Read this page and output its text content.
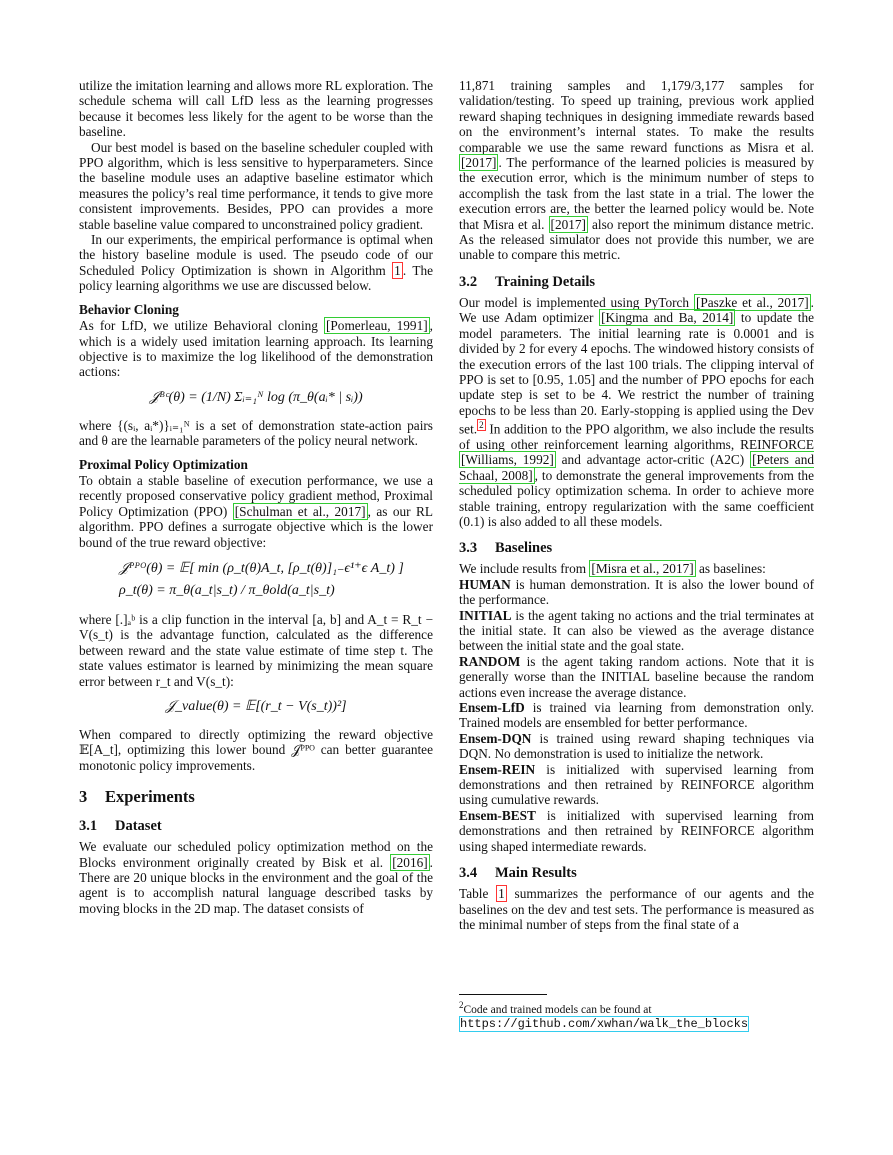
utilize the imitation learning and allows more RL exploration. The schedule schema will call LfD less as the learning progresses because it becomes less likely for the agent to be worse than the baseline.

Our best model is based on the baseline scheduler coupled with PPO algorithm, which is less sensitive to hyperparameters. Since the baseline module uses an adaptive baseline estimator which measures the policy’s real time performance, it tends to give more consistent improvements. Besides, PPO can provides a more stable baseline value compared to unconstrained policy gradient.

In our experiments, the empirical performance is optimal when the history baseline module is used. The pseudo code of our Scheduled Policy Optimization is shown in Algorithm 1 . The policy learning algorithms we use are discussed below.

Behavior Cloning

As for LfD, we utilize Behavioral cloning [Pomerleau, 1991] , which is a widely used imitation learning approach. Its learning objective is to maximize the log likelihood of the demonstration actions:

𝒥ᴮᶜ(θ) = (1/N) Σᵢ₌₁ᴺ log (π_θ(aᵢ* | sᵢ))

where {(sᵢ, aᵢ*)}ᵢ₌₁ᴺ is a set of demonstration state-action pairs and θ are the learnable parameters of the policy neural network.

Proximal Policy Optimization

To obtain a stable baseline of execution performance, we use a recently proposed conservative policy gradient method, Proximal Policy Optimization (PPO) [Schulman et al., 2017] , as our RL algorithm. PPO defines a surrogate objective which is the lower bound of the true reward objective:

𝒥ᴾᴾᴼ(θ) = 𝔼[ min (ρ_t(θ)A_t, [ρ_t(θ)]₁₋ϵ¹⁺ϵ A_t) ]
ρ_t(θ) = π_θ(a_t|s_t) / π_θold(a_t|s_t)

where [.]ₐᵇ is a clip function in the interval [a, b] and A_t = R_t − V(s_t) is the advantage function, calculated as the difference between reward and the state value estimate of time step t. The state values estimator is learned by minimizing the mean square error between r_t and V(s_t):

𝒥_value(θ) = 𝔼[(r_t − V(s_t))²]

When compared to directly optimizing the reward objective 𝔼[A_t], optimizing this lower bound 𝒥ᴾᴾᴼ can better guarantee monotonic policy improvements.

3 Experiments
3.1 Dataset

We evaluate our scheduled policy optimization method on the Blocks environment originally created by Bisk et al. [2016] . There are 20 unique blocks in the environment and the goal of the agent is to accomplish natural language described tasks by moving blocks in the 2D map. The dataset consists of

11,871 training samples and 1,179/3,177 samples for validation/testing. To speed up training, previous work applied reward shaping techniques in designing immediate rewards based on the environment’s internal states. To make the results comparable we use the same reward functions as Misra et al. [2017] . The performance of the learned policies is measured by the execution error, which is the minimum number of steps to accomplish the task from the last state in a trial. The lower the execution errors are, the better the learned policy would be. Note that Misra et al. [2017] also report the minimum distance metric. As the released simulator does not provide this number, we are unable to compare this metric.

3.2 Training Details

Our model is implemented using PyTorch [Paszke et al., 2017] . We use Adam optimizer [Kingma and Ba, 2014] to update the model parameters. The initial learning rate is 0.0001 and is divided by 2 for every 4 epochs. The windowed history consists of the execution errors of the last 100 trials. The clipping interval of PPO is set to [0.95, 1.05] and the number of PPO epochs for each update step is set to be 4. We restrict the number of training epochs to be less than 20. Early-stopping is applied using the Dev set. $^2$ In addition to the PPO algorithm, we also include the results of using other reinforcement learning algorithms, REINFORCE [Williams, 1992] and advantage actor-critic (A2C) [Peters and Schaal, 2008] , to demonstrate the general improvements from the scheduled policy optimization schema. In order to achieve more stable training, entropy regularization with the same coefficient (0.1) is also added to all these models.

3.3 Baselines

We include results from [Misra et al., 2017] as baselines:

HUMAN is human demonstration. It is also the lower bound of the performance.

INITIAL is the agent taking no actions and the trial terminates at the initial state. It can also be viewed as the average distance between the initial state and the goal state.

RANDOM is the agent taking random actions. Note that it is generally worse than the INITIAL baseline because the random actions even increase the average distance.

Ensem-LfD is trained via learning from demonstration only. Trained models are ensembled for better performance.

Ensem-DQN is trained using reward shaping techniques via DQN. No demonstration is used to initialize the network.

Ensem-REIN is initialized with supervised learning from demonstrations and then retrained by REINFORCE algorithm using cumulative rewards.

Ensem-BEST is initialized with supervised learning from demonstrations and then retrained by REINFORCE algorithm using shaped intermediate rewards.

3.4 Main Results

Table 1 summarizes the performance of our agents and the baselines on the dev and test sets. The performance is measured as the minimal number of steps from the final state of a

$^2$Code and trained models can be found at https://github.com/xwhan/walk_the_blocks
